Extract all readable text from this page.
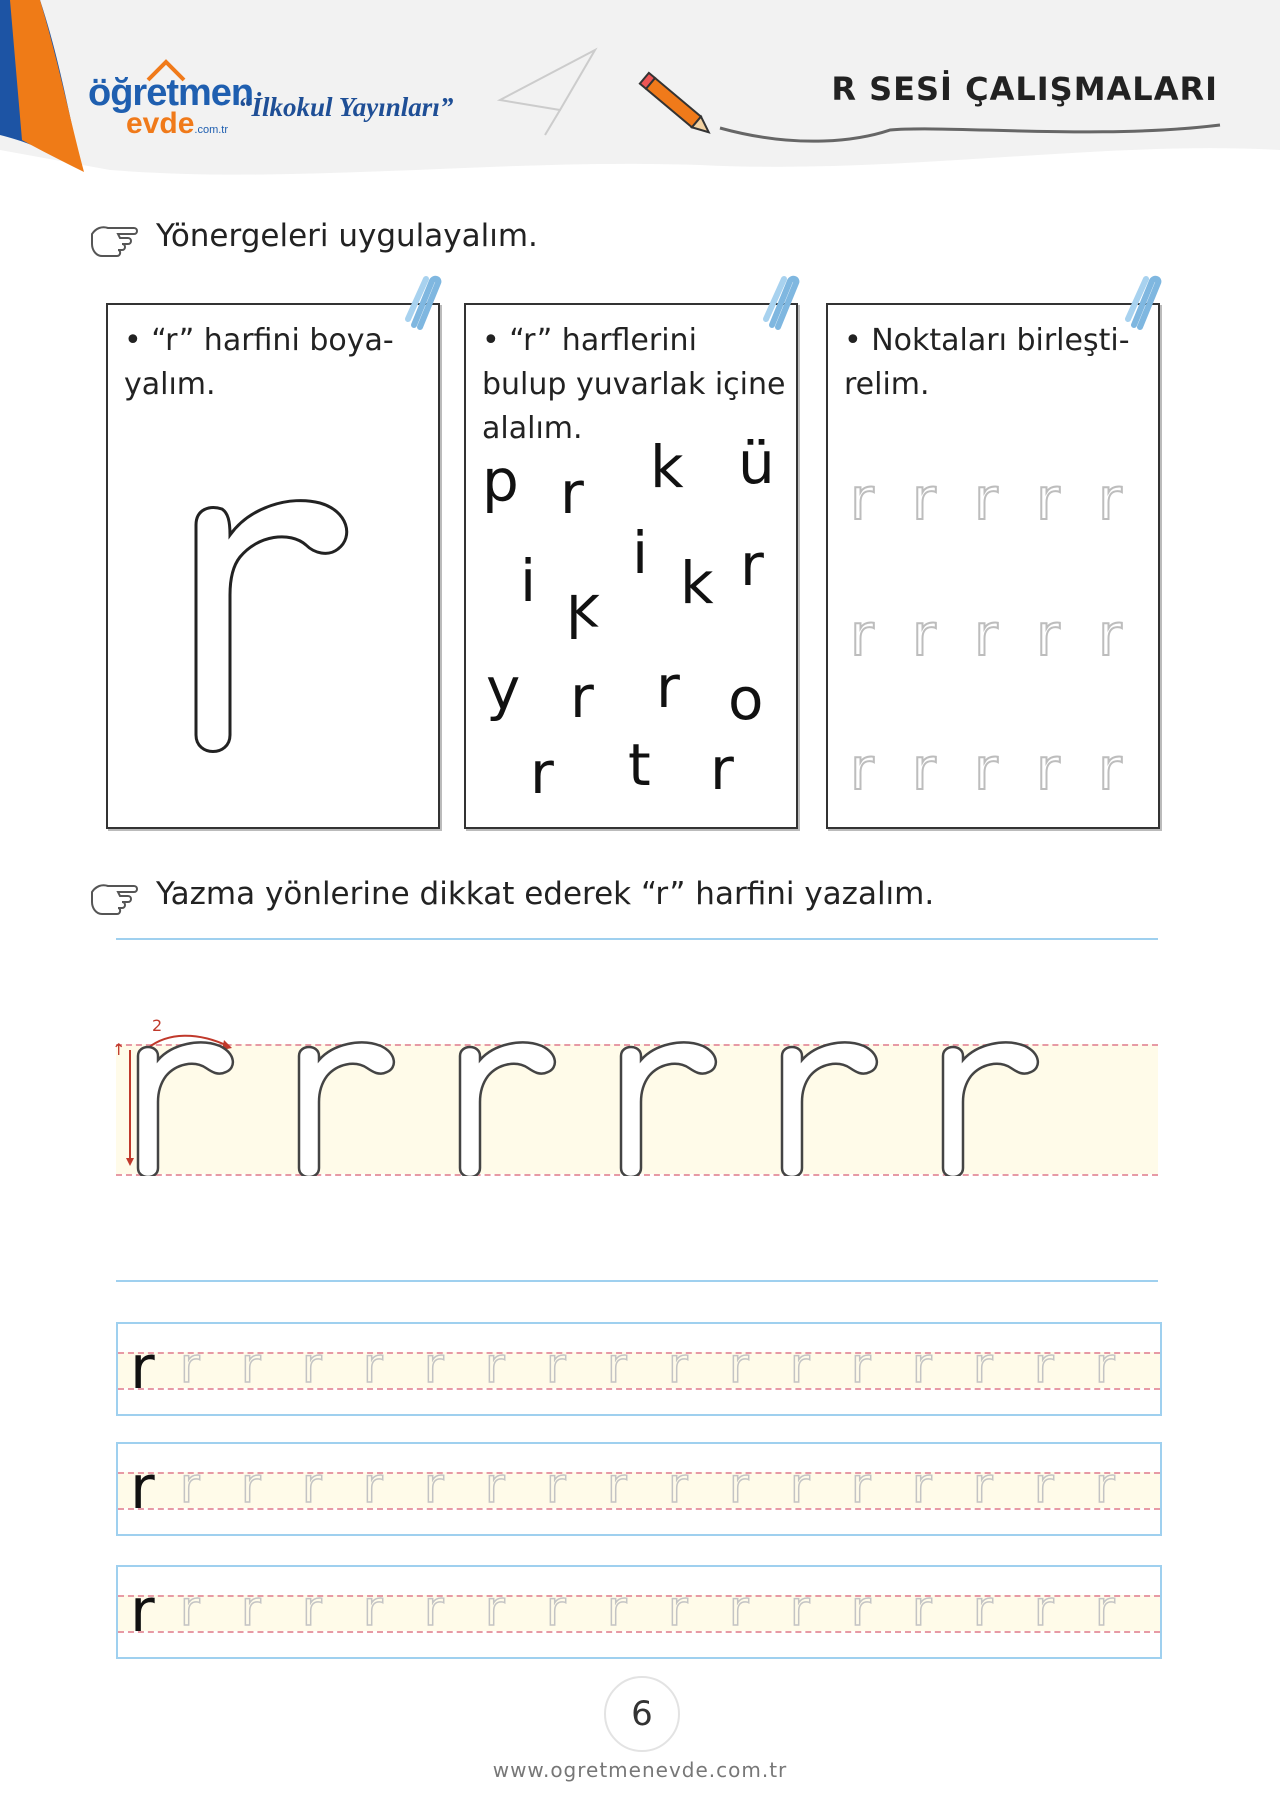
öğretmen
evde.com.tr
“İlkokul Yayınları”	R SESİ ÇALIŞMALARI
Yönergeleri uygulayalım.
• “r” harfini boya-
yalım.
• “r” harflerini
bulup yuvarlak içine
alalım.
b r k ü
i k
i k r
y r r o
r t r
• Noktaları birleşti-
relim.
r r r r r
r r r r r
r r r r r
Yazma yönlerine dikkat ederek “r” harfini yazalım.
↑
2
r r r r r r r r r r r r r r r r r
r r r r r r r r r r r r r r r r r
r r r r r r r r r r r r r r r r r
6
www.ogretmenevde.com.tr
